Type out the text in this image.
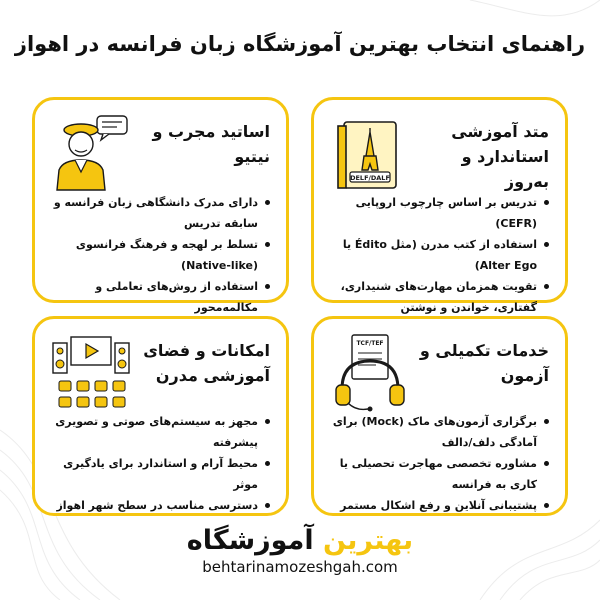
راهنمای انتخاب بهترین آموزشگاه زبان فرانسه در اهواز
متد آموزشی
استاندارد و به‌روز
DELF/DALF
تدریس بر اساس چارچوب اروپایی (CEFR)
استفاده از کتب مدرن (مثل Édito یا Alter Ego)
تقویت همزمان مهارت‌های شنیداری، گفتاری، خواندن و نوشتن
اساتید مجرب و
نیتیو
دارای مدرک دانشگاهی زبان فرانسه و سابقه تدریس
تسلط بر لهجه و فرهنگ فرانسوی (Native-like)
استفاده از روش‌های تعاملی و مکالمه‌محور
خدمات تکمیلی و
آزمون
TCF/TEF
برگزاری آزمون‌های ماک (Mock) برای آمادگی دلف/دالف
مشاوره تخصصی مهاجرت تحصیلی یا کاری به فرانسه
پشتیبانی آنلاین و رفع اشکال مستمر
امکانات و فضای
آموزشی مدرن
مجهز به سیستم‌های صوتی و تصویری پیشرفته
محیط آرام و استاندارد برای یادگیری موثر
دسترسی مناسب در سطح شهر اهواز
بهترین آموزشگاه
behtarinamozeshgah.com
